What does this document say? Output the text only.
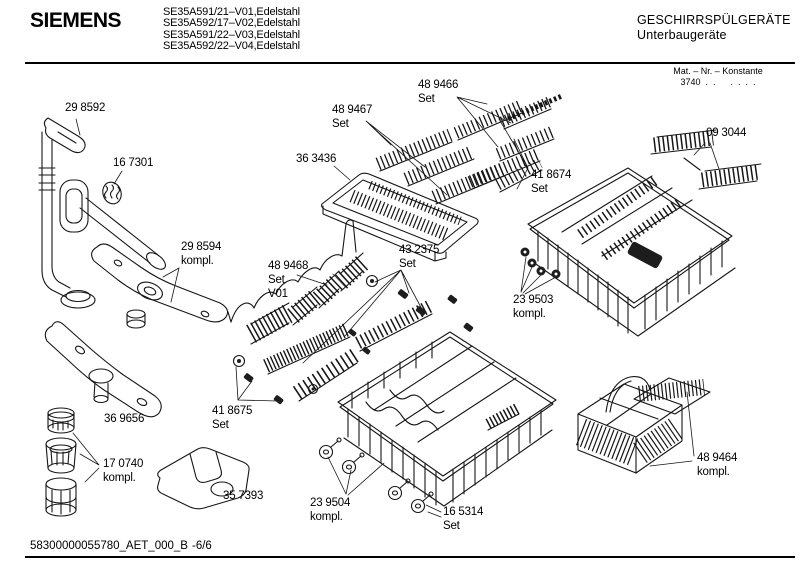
SIEMENS	SE35A591/21–V01,Edelstahl
SE35A592/17–V02,Edelstahl
SE35A591/22–V03,Edelstahl
SE35A592/22–V04,Edelstahl
GESCHIRRSPÜLGERÄTE
Unterbaugeräte
Mat. – Nr. – Konstante
3740  .  .      .  .  .  .
29 8592
16 7301
29 8594
kompl.
36 3436
48 9467
Set
48 9466
Set
41 8674
Set
09 3044
23 9503
kompl.
43 2375
Set
48 9468
Set
V01
41 8675
Set
36 9656
17 0740
kompl.
35 7393
23 9504
kompl.	16 5314
Set
48 9464
kompl.
58300000055780_AET_000_B -6/6
